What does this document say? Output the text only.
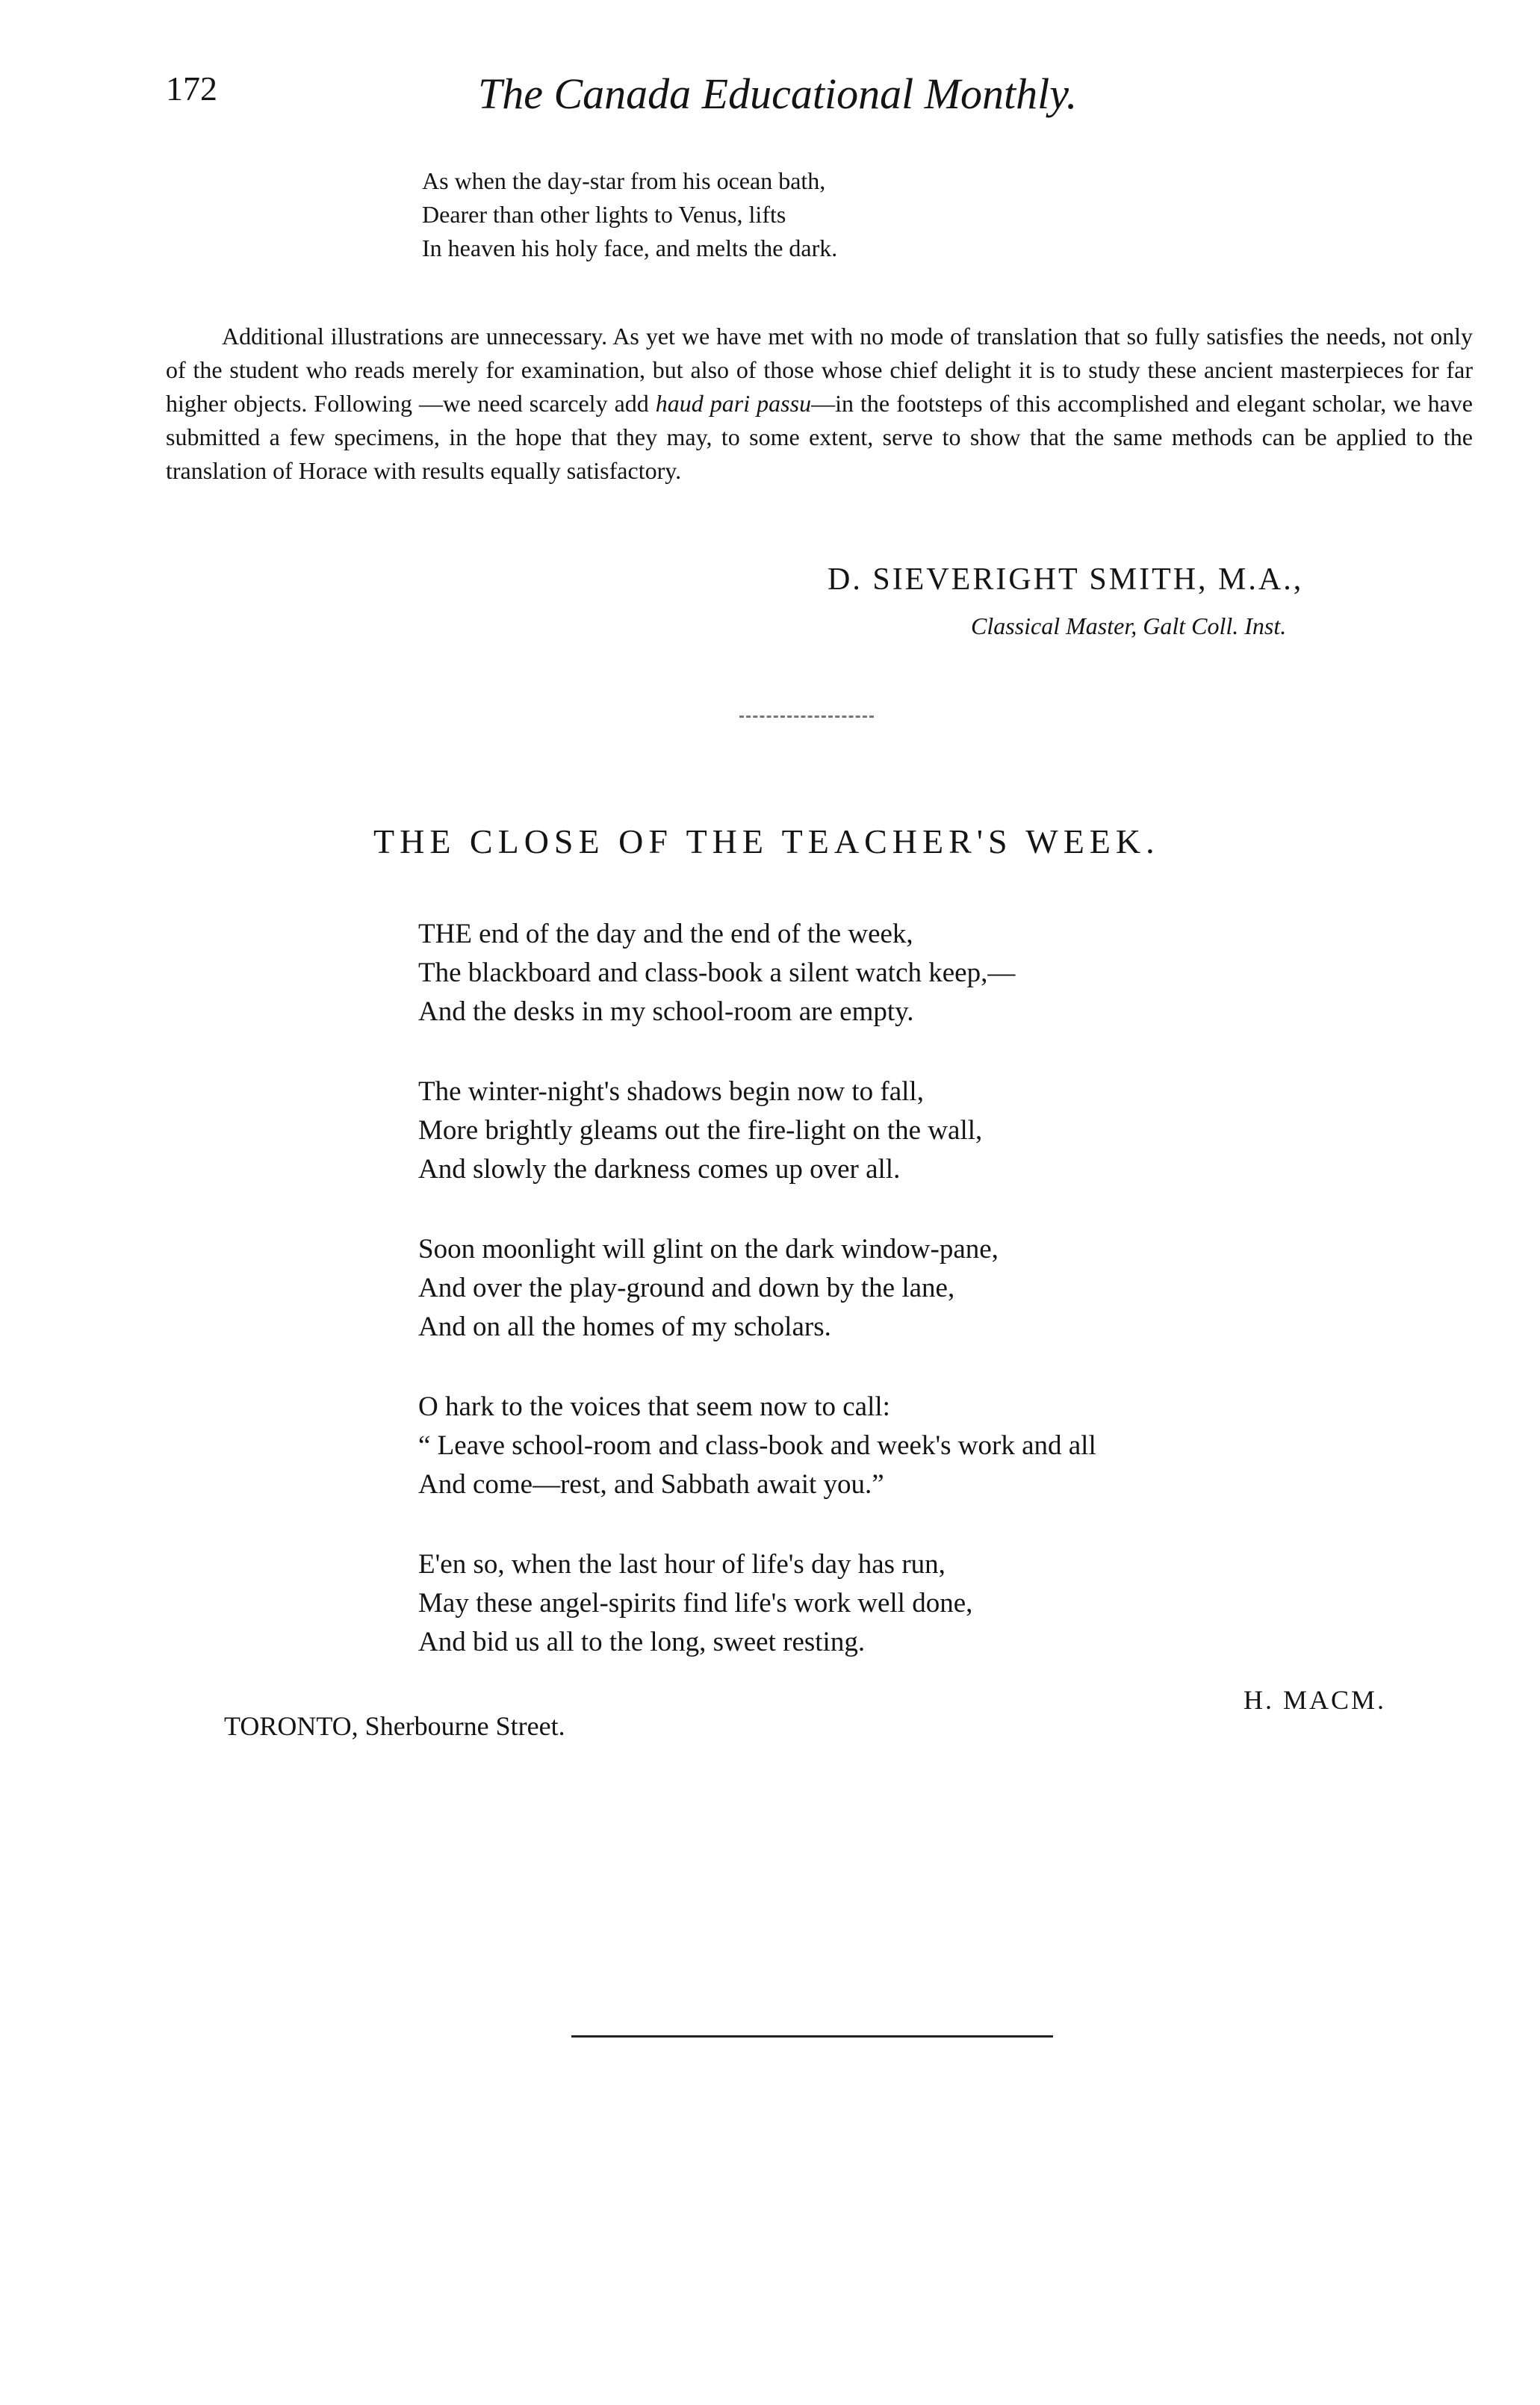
172	The Canada Educational Monthly.
As when the day-star from his ocean bath,
Dearer than other lights to Venus, lifts
In heaven his holy face, and melts the dark.

Additional illustrations are unnecessary. As yet we have met with no mode of translation that so fully satisfies the needs, not only of the student who reads merely for examination, but also of those whose chief delight it is to study these ancient masterpieces for far higher objects. Following —we need scarcely add haud pari passu—in the footsteps of this accomplished and elegant scholar, we have submitted a few specimens, in the hope that they may, to some extent, serve to show that the same methods can be applied to the translation of Horace with results equally satisfactory.

D. SIEVERIGHT SMITH, M.A.,
Classical Master, Galt Coll. Inst.
THE CLOSE OF THE TEACHER'S WEEK.
THE end of the day and the end of the week,
The blackboard and class-book a silent watch keep,—
And the desks in my school-room are empty.
The winter-night's shadows begin now to fall,
More brightly gleams out the fire-light on the wall,
And slowly the darkness comes up over all.
Soon moonlight will glint on the dark window-pane,
And over the play-ground and down by the lane,
And on all the homes of my scholars.
O hark to the voices that seem now to call:
“ Leave school-room and class-book and week's work and all
And come—rest, and Sabbath await you.”
E'en so, when the last hour of life's day has run,
May these angel-spirits find life's work well done,
And bid us all to the long, sweet resting.
H. MACM.
TORONTO, Sherbourne Street.
